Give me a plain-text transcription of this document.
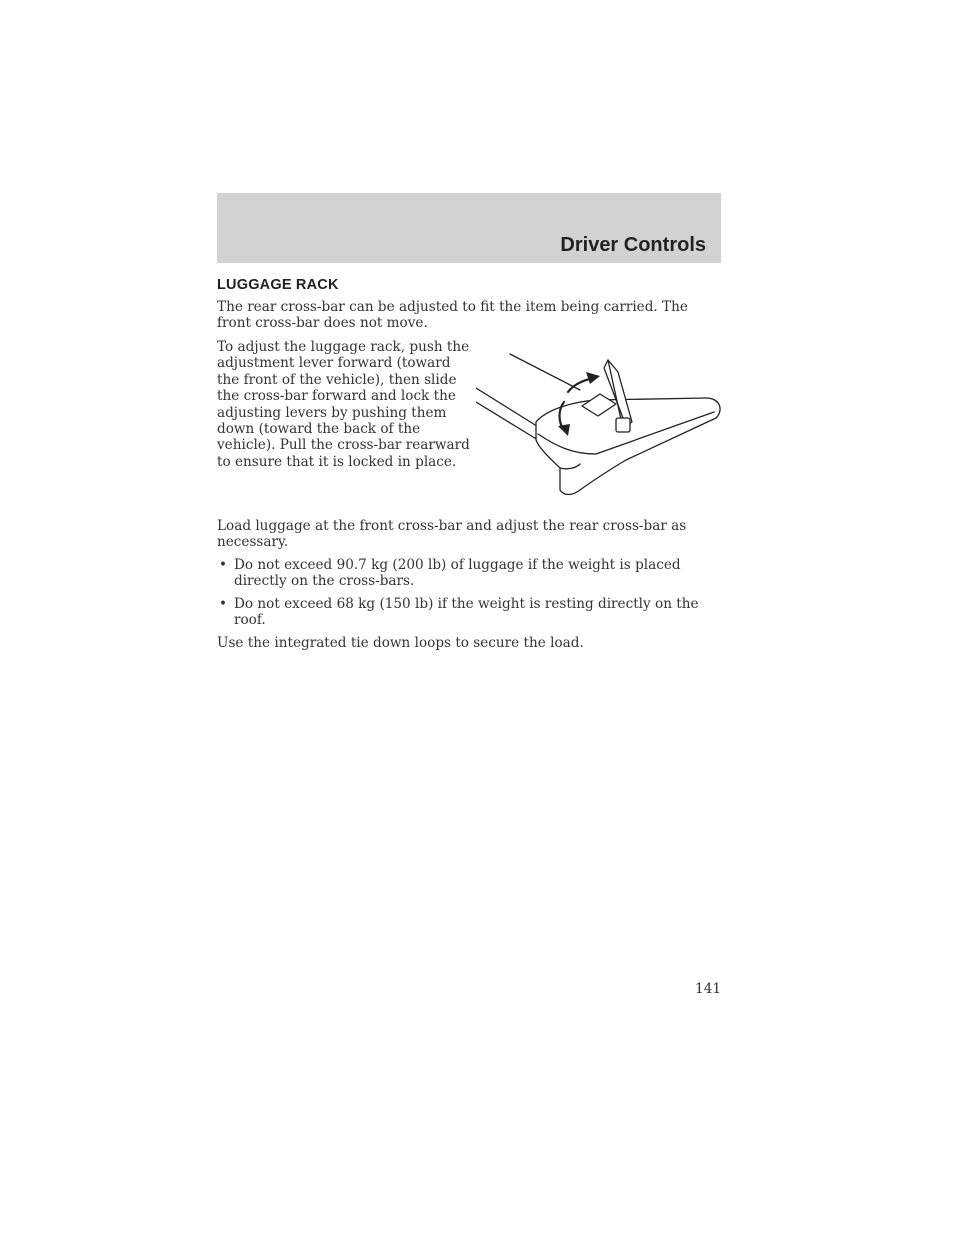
Driver Controls
LUGGAGE RACK
The rear cross-bar can be adjusted to fit the item being carried. The front cross-bar does not move.
To adjust the luggage rack, push the adjustment lever forward (toward the front of the vehicle), then slide the cross-bar forward and lock the adjusting levers by pushing them down (toward the back of the vehicle). Pull the cross-bar rearward to ensure that it is locked in place.
Load luggage at the front cross-bar and adjust the rear cross-bar as necessary.
• Do not exceed 90.7 kg (200 lb) of luggage if the weight is placed directly on the cross-bars.
• Do not exceed 68 kg (150 lb) if the weight is resting directly on the roof.
Use the integrated tie down loops to secure the load.
141
